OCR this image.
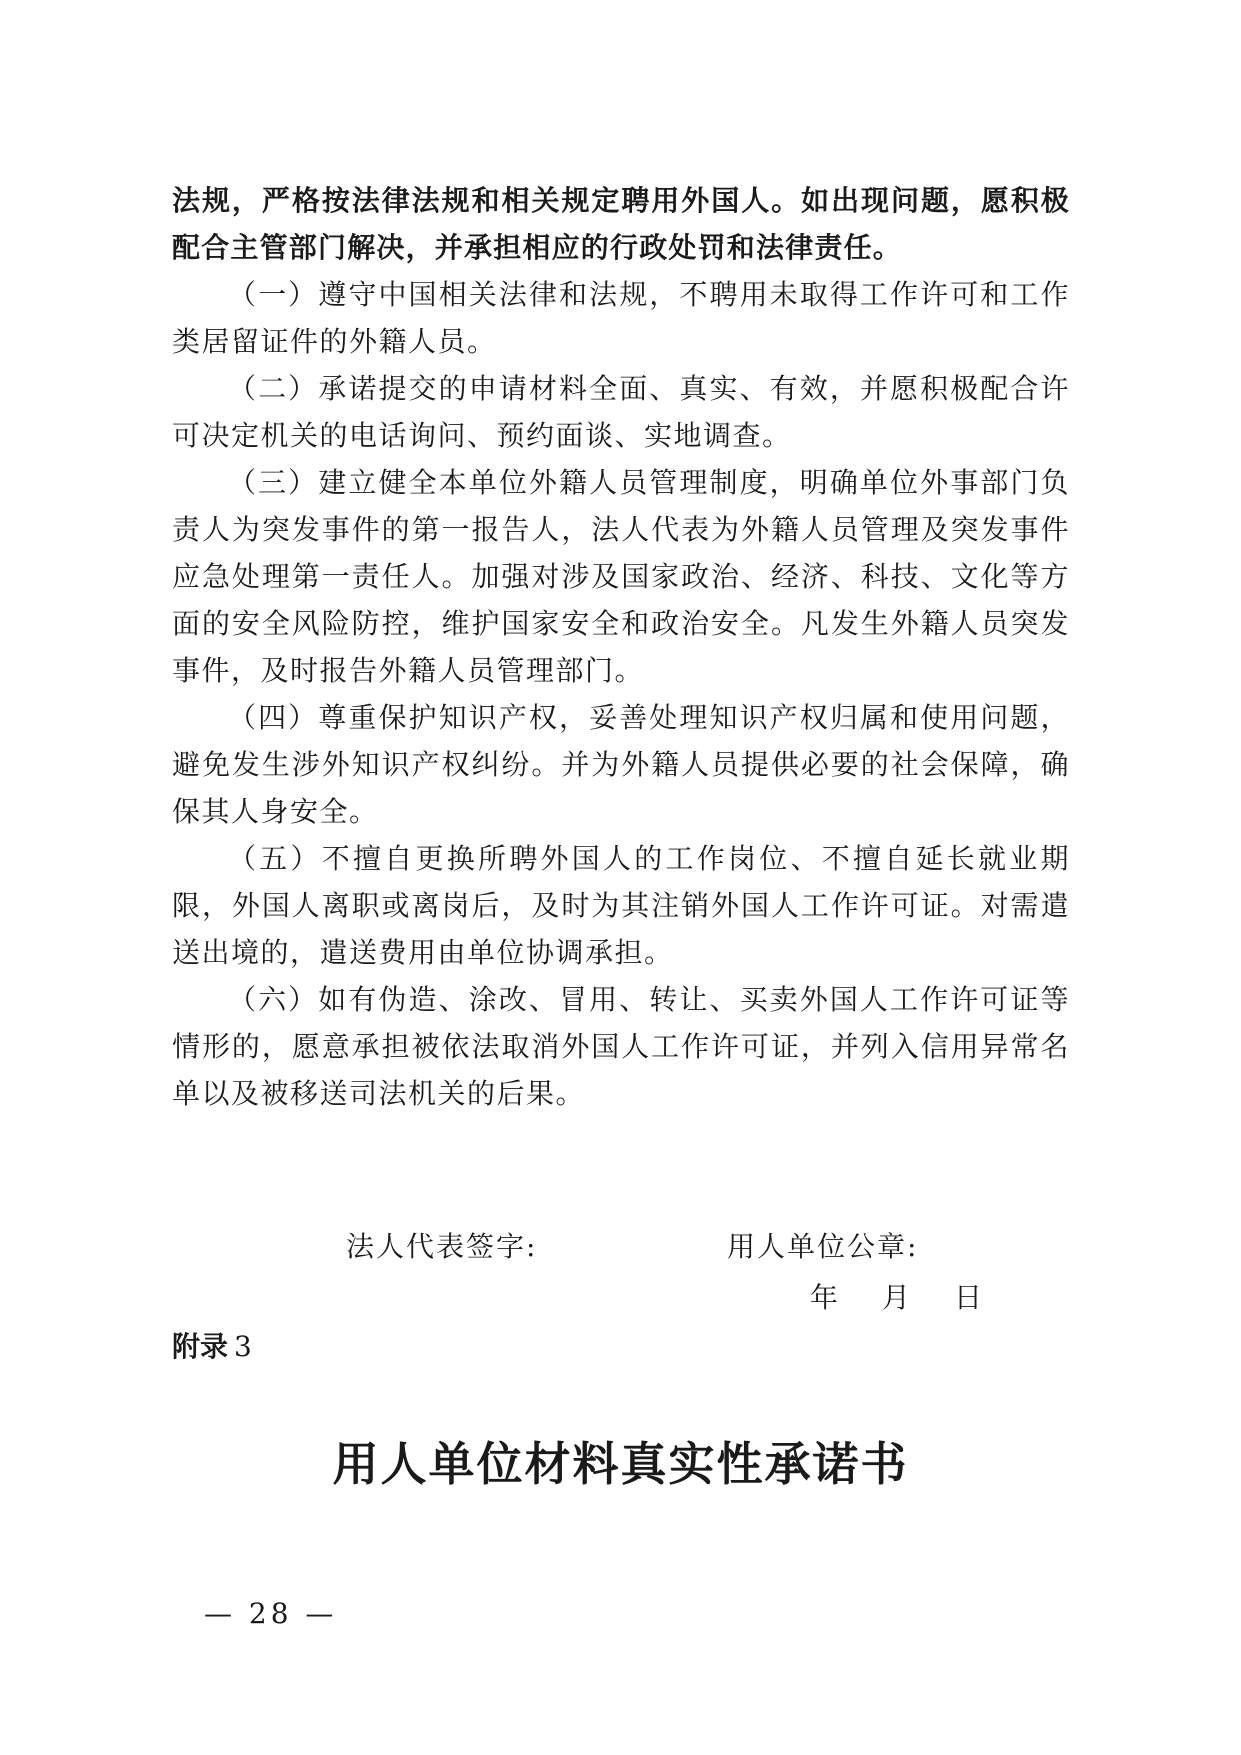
法规，严格按法律法规和相关规定聘用外国人。如出现问题，愿积极配合主管部门解决，并承担相应的行政处罚和法律责任。

（一）遵守中国相关法律和法规，不聘用未取得工作许可和工作类居留证件的外籍人员。

（二）承诺提交的申请材料全面、真实、有效，并愿积极配合许可决定机关的电话询问、预约面谈、实地调查。

（三）建立健全本单位外籍人员管理制度，明确单位外事部门负责人为突发事件的第一报告人，法人代表为外籍人员管理及突发事件应急处理第一责任人。加强对涉及国家政治、经济、科技、文化等方面的安全风险防控，维护国家安全和政治安全。凡发生外籍人员突发事件，及时报告外籍人员管理部门。

（四）尊重保护知识产权，妥善处理知识产权归属和使用问题，避免发生涉外知识产权纠纷。并为外籍人员提供必要的社会保障，确保其人身安全。

（五）不擅自更换所聘外国人的工作岗位、不擅自延长就业期限，外国人离职或离岗后，及时为其注销外国人工作许可证。对需遣送出境的，遣送费用由单位协调承担。

（六）如有伪造、涂改、冒用、转让、买卖外国人工作许可证等情形的，愿意承担被依法取消外国人工作许可证，并列入信用异常名单以及被移送司法机关的后果。

法人代表签字:	用人单位公章:
年 月 日
附录 3
用人单位材料真实性承诺书
— 28 —
